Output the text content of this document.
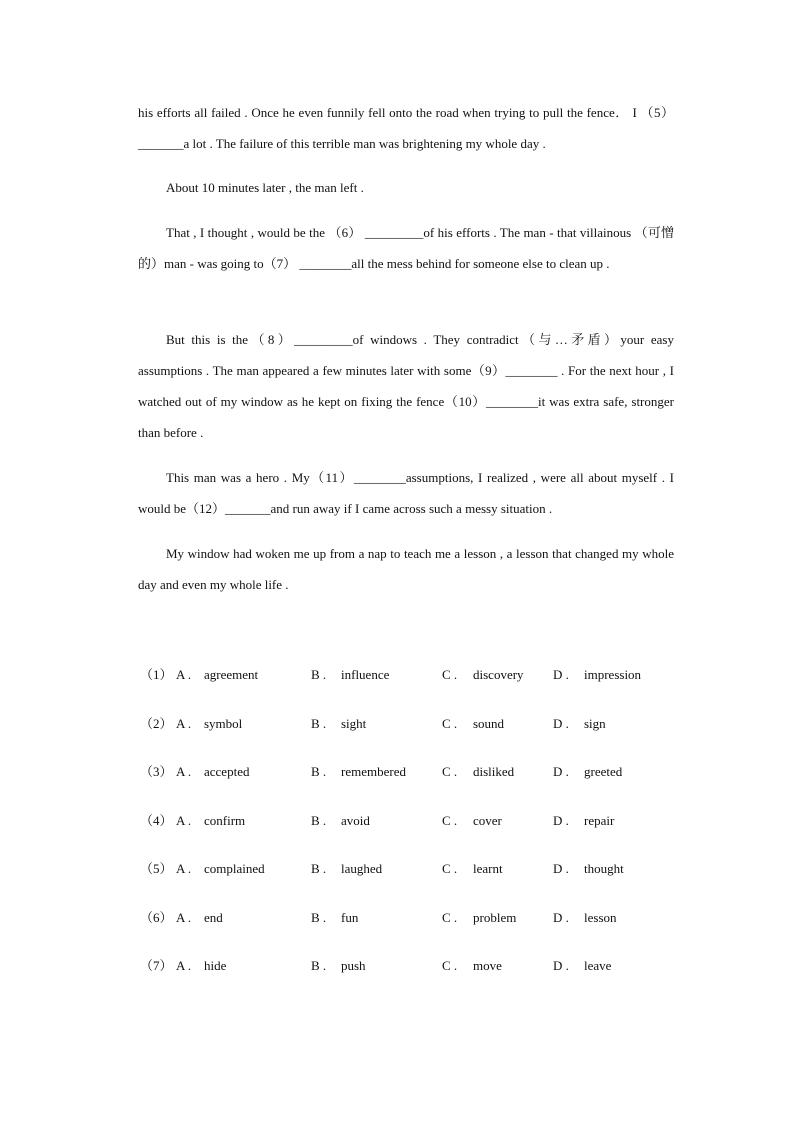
his efforts all failed . Once he even funnily fell onto the road when trying to pull the fence． I （5）_______a lot . The failure of this terrible man was brightening my whole day .

About 10 minutes later , the man left .

That , I thought , would be the （6） _________of his efforts . The man - that villainous （可憎的）man - was going to（7） ________all the mess behind for someone else to clean up .

But this is the（8）_________of windows . They contradict（与…矛盾）your easy assumptions . The man appeared a few minutes later with some（9）________ . For the next hour , I watched out of my window as he kept on fixing the fence（10）________it was extra safe, stronger than before .

This man was a hero . My（11）________assumptions, I realized , were all about myself . I would be（12）_______and run away if I came across such a messy situation .

My window had woken me up from a nap to teach me a lesson , a lesson that changed my whole day and even my whole life .

（1） A . agreement	B . influence	C . discovery D . impression
（2） A . symbol	B . sight	C . sound	D . sign
（3） A . accepted	B . remembered	C . disliked	D . greeted
（4） A . confirm	B . avoid	C . cover	D . repair
（5） A . complained	B . laughed	C . learnt	D . thought
（6） A . end	B . fun	C . problem	D . lesson
（7） A . hide	B . push	C . move	D . leave
